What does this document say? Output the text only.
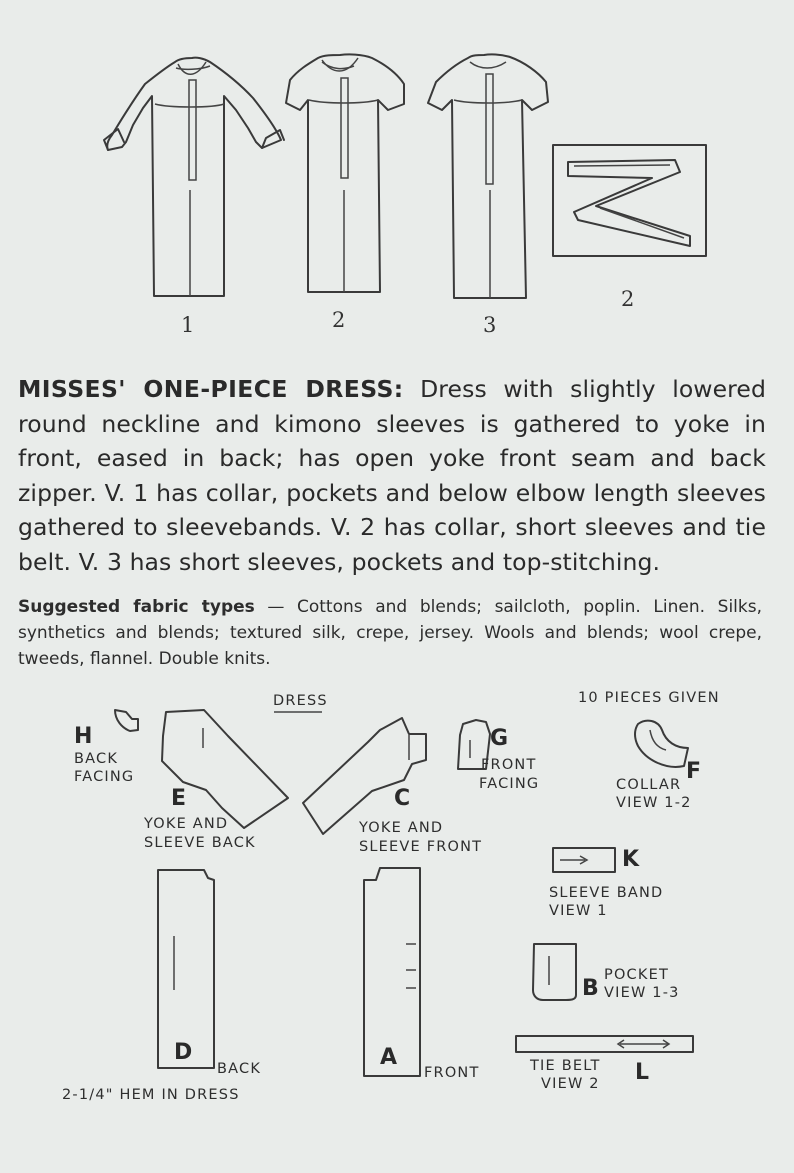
1	2	3
2
MISSES' ONE-PIECE DRESS: Dress with slightly lowered round neckline and kimono sleeves is gathered to yoke in front, eased in back; has open yoke front seam and back zipper. V. 1 has collar, pockets and below elbow length sleeves gathered to sleevebands. V. 2 has collar, short sleeves and tie belt. V. 3 has short sleeves, pockets and top-stitching.
Suggested fabric types — Cottons and blends; sailcloth, poplin. Linen. Silks, synthetics and blends; textured silk, crepe, jersey. Wools and blends; wool crepe, tweeds, flannel. Double knits.
DRESS	10 PIECES GIVEN
H
BACK
FACING
E
YOKE AND
SLEEVE BACK
C
YOKE AND
SLEEVE FRONT
G
FRONT
FACING	F
COLLAR
VIEW 1-2
K
SLEEVE BAND
VIEW 1
B
POCKET
VIEW 1-3
TIE BELT
VIEW 2 L
D
BACK	A
FRONT
2-1/4" HEM IN DRESS
